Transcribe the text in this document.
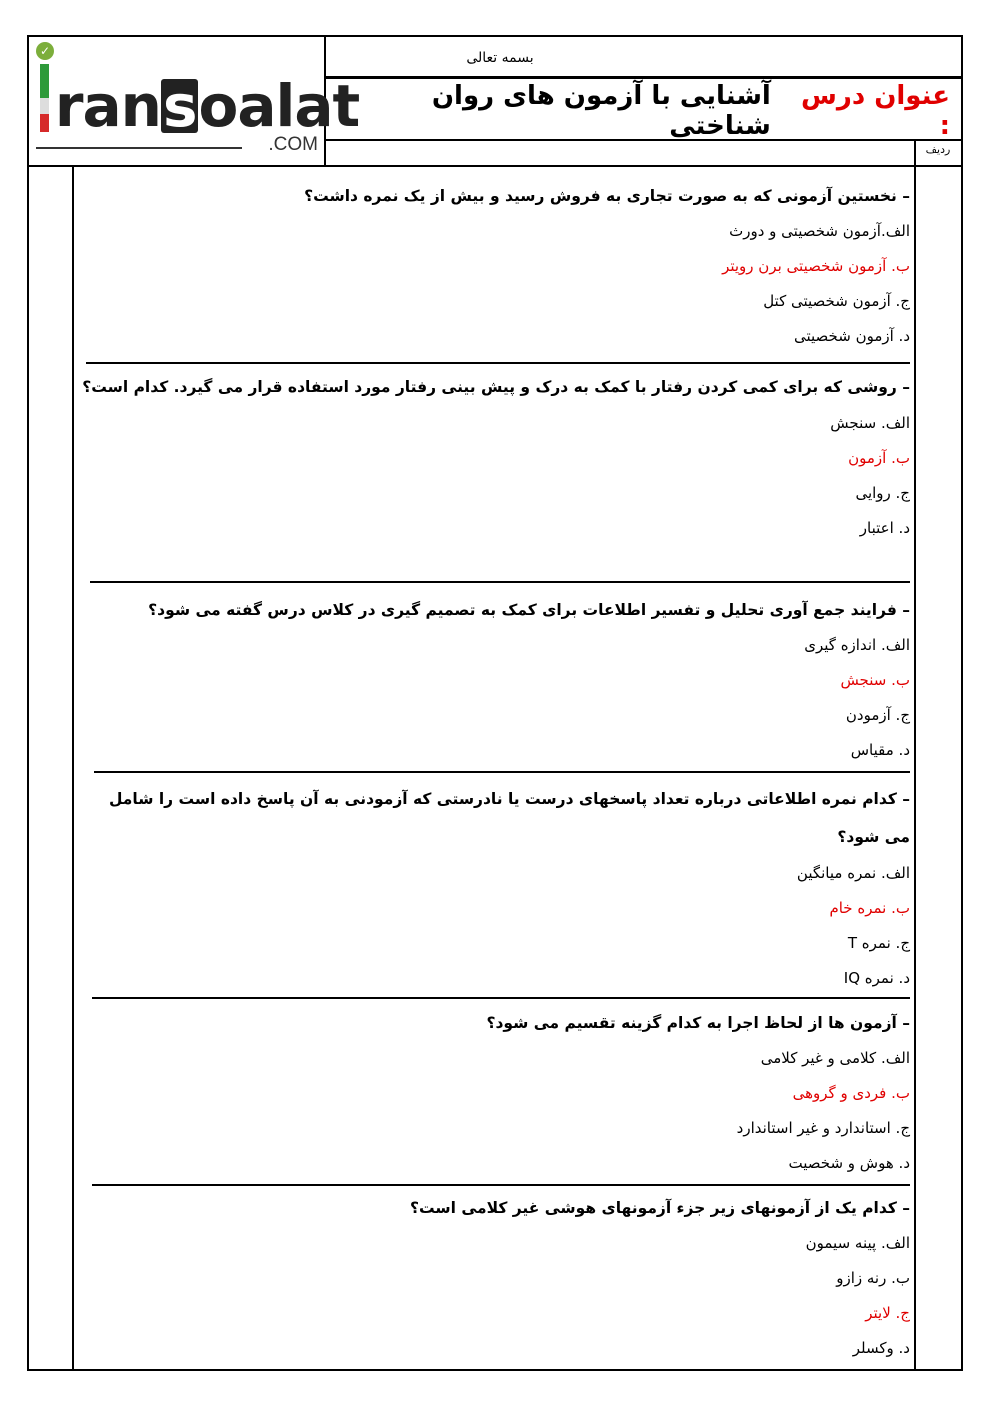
✓
ransoalat
.COM
بسمه تعالی
عنوان درس :
آشنایی با آزمون های روان شناختی
ردیف
– نخستین آزمونی که به صورت تجاری به فروش رسید و بیش از یک نمره داشت؟
الف.آزمون شخصیتی و دورث
ب. آزمون شخصیتی برن رویتر
ج. آزمون شخصیتی کتل
د. آزمون شخصیتی
– روشی که برای کمی کردن رفتار با کمک به درک و پیش بینی رفتار مورد استفاده قرار می گیرد. کدام است؟
الف. سنجش
ب. آزمون
ج. روایی
د. اعتبار
– فرایند جمع آوری تحلیل و تفسیر اطلاعات برای کمک به تصمیم گیری در کلاس درس گفته می شود؟
الف. اندازه گیری
ب. سنجش
ج. آزمودن
د. مقیاس
– کدام نمره اطلاعاتی درباره تعداد پاسخهای درست یا نادرستی که آزمودنی به آن پاسخ داده است را شامل می شود؟
الف. نمره میانگین
ب. نمره خام
ج. نمره T
د. نمره IQ
– آزمون ها از لحاظ اجرا به کدام گزینه تقسیم می شود؟
الف. کلامی و غیر کلامی
ب. فردی و گروهی
ج. استاندارد و غیر استاندارد
د. هوش و شخصیت
– کدام یک از آزمونهای زیر جزء آزمونهای هوشی غیر کلامی است؟
الف. پینه سیمون
ب. رنه زازو
ج. لایتر
د. وکسلر
